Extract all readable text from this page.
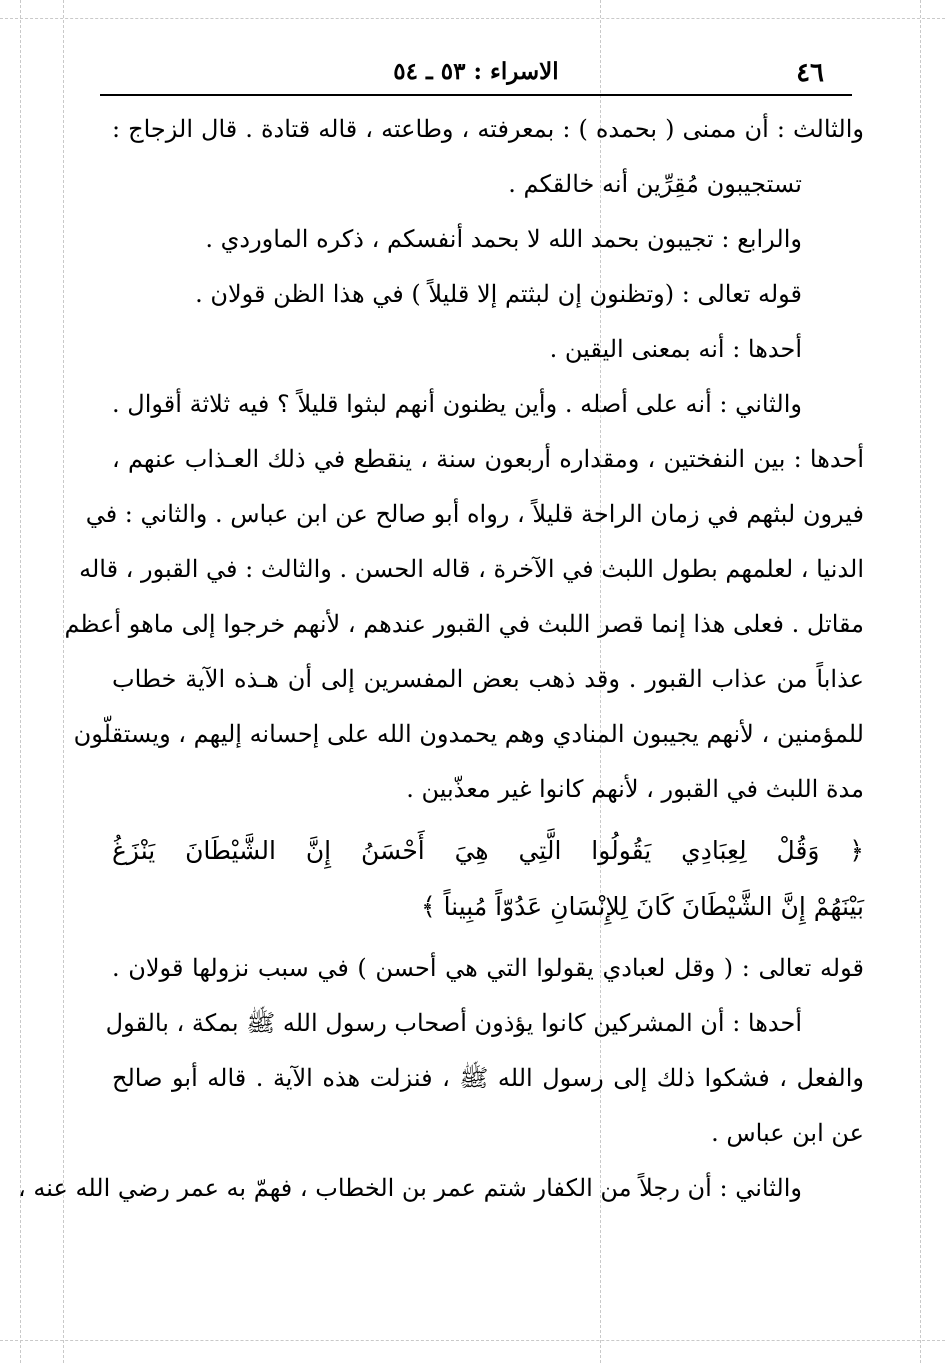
٤٦
الاسراء : ٥٣ ـ ٥٤
والثالث : أن ممنى ( بحمده ) : بمعرفته ، وطاعته ، قاله قتادة . قال الزجاج :
تستجيبون مُقِرِّين أنه خالقكم .
والرابع : تجيبون بحمد الله لا بحمد أنفسكم ، ذكره الماوردي .
قوله تعالى : (وتظنون إن لبثتم إلا قليلاً ) في هذا الظن قولان .
أحدها : أنه بمعنى اليقين .
والثاني : أنه على أصله . وأين يظنون أنهم لبثوا قليلاً ؟ فيه ثلاثة أقوال .
أحدها : بين النفختين ، ومقداره أربعون سنة ، ينقطع في ذلك العـذاب عنهم ،
فيرون لبثهم في زمان الراحة قليلاً ، رواه أبو صالح عن ابن عباس . والثاني : في
الدنيا ، لعلمهم بطول اللبث في الآخرة ، قاله الحسن . والثالث : في القبور ، قاله
مقاتل . فعلى هذا إنما قصر اللبث في القبور عندهم ، لأنهم خرجوا إلى ماهو أعظم
عذاباً من عذاب القبور . وقد ذهب بعض المفسرين إلى أن هـذه الآية خطاب
للمؤمنين ، لأنهم يجيبون المنادي وهم يحمدون الله على إحسانه إليهم ، ويستقلّون
مدة اللبث في القبور ، لأنهم كانوا غير معذّبين .
﴿ وَقُلْ لِعِبَادِي يَقُولُوا الَّتِي هِيَ أَحْسَنُ إِنَّ الشَّيْطَانَ يَنْزَغُ
بَيْنَهُمْ إِنَّ الشَّيْطَانَ كَانَ لِلإِنْسَانِ عَدُوّاً مُبِيناً ﴾
قوله تعالى : ( وقل لعبادي يقولوا التي هي أحسن ) في سبب نزولها قولان .
أحدها : أن المشركين كانوا يؤذون أصحاب رسول الله ﷺ بمكة ، بالقول
والفعل ، فشكوا ذلك إلى رسول الله ﷺ ، فنزلت هذه الآية . قاله أبو صالح
عن ابن عباس .
والثاني : أن رجلاً من الكفار شتم عمر بن الخطاب ، فهمّ به عمر رضي الله عنه ،
